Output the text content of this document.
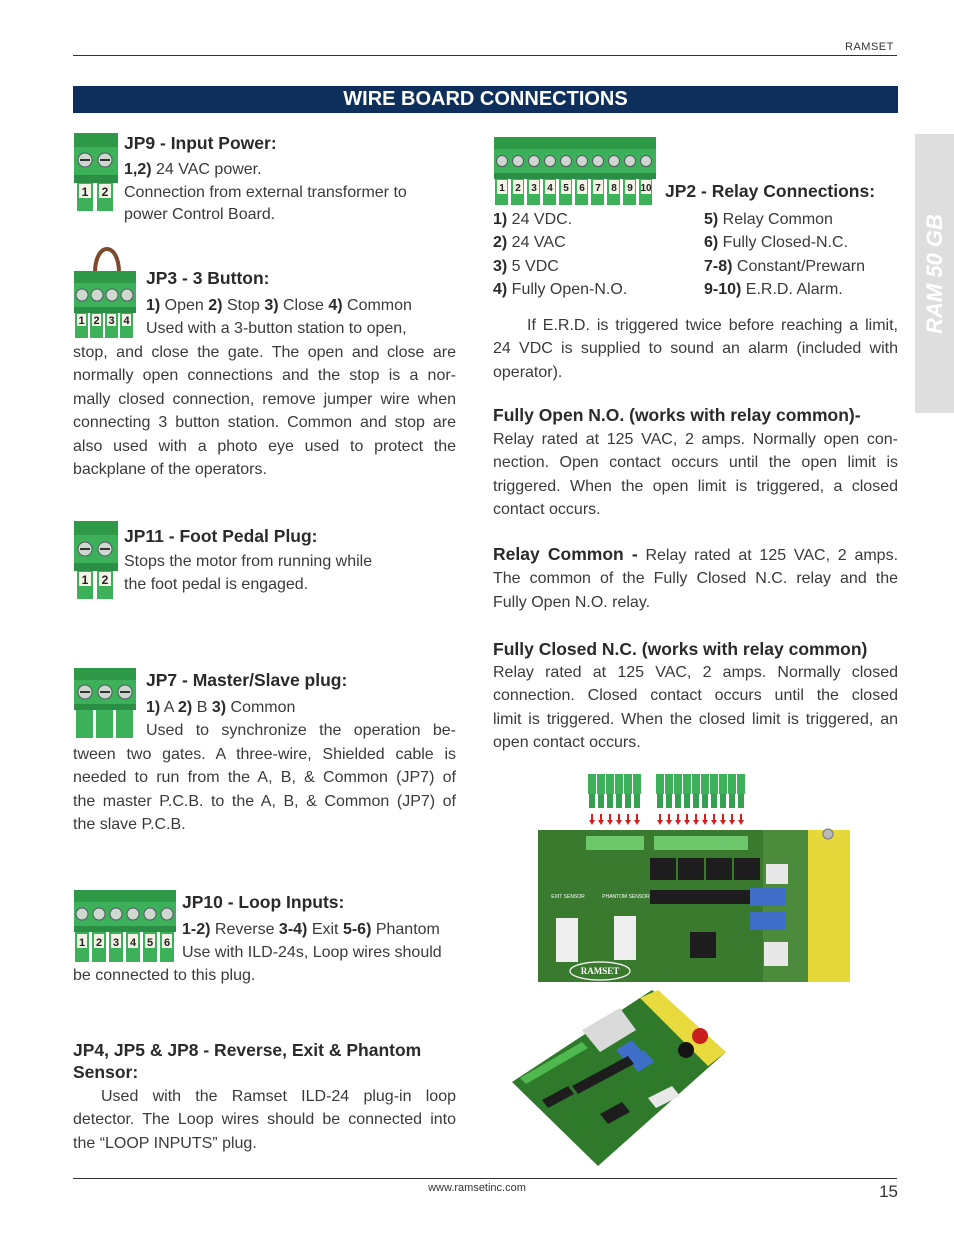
RAMSET
WIRE BOARD CONNECTIONS
RAM 50 GB
1 2
JP9 - Input Power:
1,2) 24 VAC power.
Connection from external transformer to
power Control Board.
1 2 3 4
JP3 - 3 Button:
1) Open 2) Stop 3) Close 4) Common
Used with a 3-button station to open,
stop, and close the gate. The open and close are
normally open connections and the stop is a nor-
mally closed connection, remove jumper wire when
connecting 3 button station. Common and stop are
also used with a photo eye used to protect the
backplane of the operators.
1 2
JP11 - Foot Pedal Plug:
Stops the motor from running while
the foot pedal is engaged.
JP7 - Master/Slave plug:
1) A 2) B 3) Common
Used to synchronize the operation be-
tween two gates. A three-wire, Shielded cable is
needed to run from the A, B, & Common (JP7) of
the master P.C.B. to the A, B, & Common (JP7) of
the slave P.C.B.
1 2 3 4 5 6
JP10 - Loop Inputs:
1-2) Reverse 3-4) Exit 5-6) Phantom
Use with ILD-24s, Loop wires should
be connected to this plug.
JP4, JP5 & JP8 - Reverse, Exit & Phantom
Sensor:
Used with the Ramset ILD-24 plug-in loop
detector. The Loop wires should be connected into
the “LOOP INPUTS” plug.
1 2 3 4 5 6 7 8 9 10 JP2 - Relay Connections:
1) 24 VDC.
2) 24 VAC
3) 5 VDC
4) Fully Open-N.O.
5) Relay Common
6) Fully Closed-N.C.
7-8) Constant/Prewarn
9-10) E.R.D. Alarm.
If E.R.D. is triggered twice before reaching a limit,
24 VDC is supplied to sound an alarm (included with
operator).
Fully Open N.O. (works with relay common)-
Relay rated at 125 VAC, 2 amps. Normally open con-
nection. Open contact occurs until the open limit is
triggered. When the open limit is triggered, a closed
contact occurs.
Relay Common - Relay rated at 125 VAC, 2 amps.
The common of the Fully Closed N.C. relay and the
Fully Open N.O. relay.
Fully Closed N.C. (works with relay common)
Relay rated at 125 VAC, 2 amps. Normally closed
connection. Closed contact occurs until the closed
limit is triggered. When the closed limit is triggered, an
open contact occurs.
EXIT SENSOR	PHANTOM SENSOR
RAMSET
www.ramsetinc.com	15
